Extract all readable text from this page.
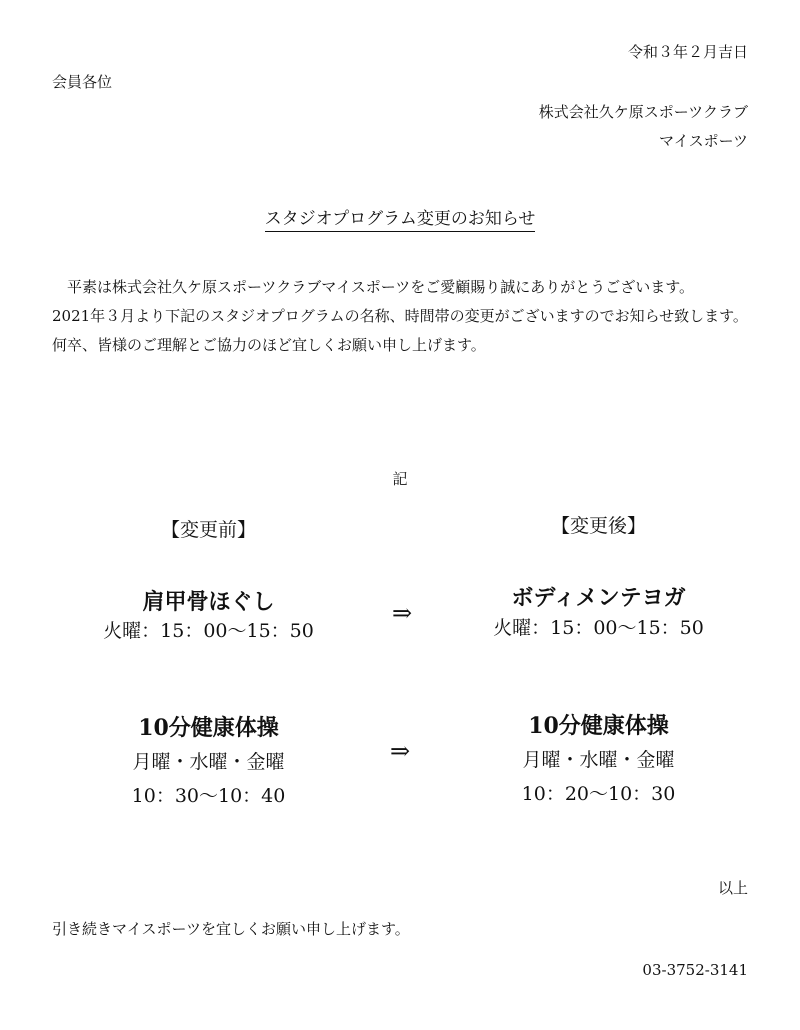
令和３年２月吉日
会員各位
株式会社久ケ原スポーツクラブ
マイスポーツ
スタジオプログラム変更のお知らせ

　平素は株式会社久ケ原スポーツクラブマイスポーツをご愛顧賜り誠にありがとうございます。

2021年３月より下記のスタジオプログラムの名称、時間帯の変更がございますのでお知らせ致します。

何卒、皆様のご理解とご協力のほど宜しくお願い申し上げます。

記
【変更前】	【変更後】
肩甲骨ほぐし
火曜：15：00〜15：50
⇒
ボディメンテヨガ
火曜：15：00〜15：50
10分健康体操
月曜・水曜・金曜
10：30〜10：40
⇒
10分健康体操
月曜・水曜・金曜
10：20〜10：30
以上
引き続きマイスポーツを宜しくお願い申し上げます。
03-3752-3141
